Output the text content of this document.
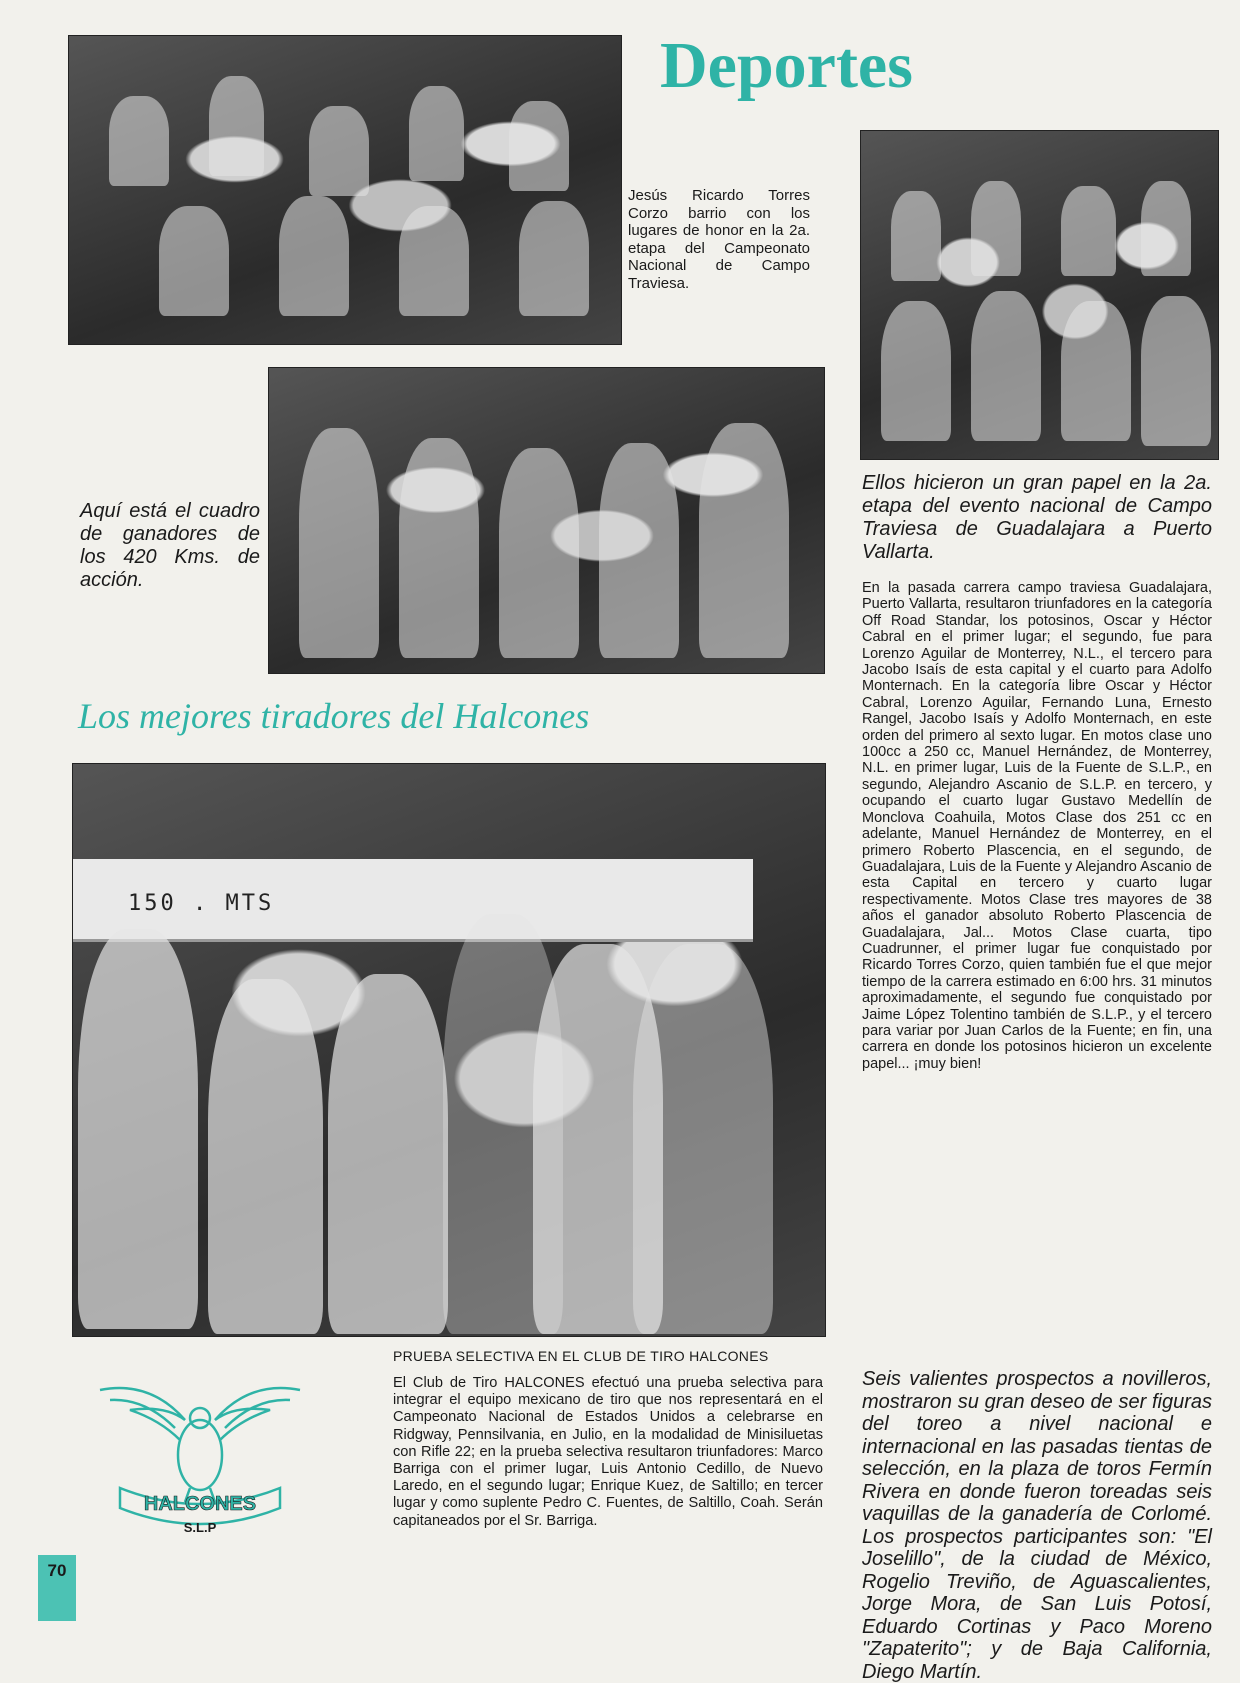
Deportes
Jesús Ricardo Torres Corzo barrio con los lugares de honor en la 2a. etapa del Campeonato Nacional de Campo Traviesa.
Ellos hicieron un gran papel en la 2a. etapa del evento nacional de Campo Traviesa de Guadalajara a Puerto Vallarta.
Aquí está el cuadro de ganadores de los 420 Kms. de acción.	En la pasada carrera campo traviesa Guadalajara, Puerto Vallarta, resultaron triunfadores en la categoría Off Road Standar, los potosinos, Oscar y Héctor Cabral en el primer lugar; el segundo, fue para Lorenzo Aguilar de Monterrey, N.L., el tercero para Jacobo Isaís de esta capital y el cuarto para Adolfo Monternach. En la categoría libre Oscar y Héctor Cabral, Lorenzo Aguilar, Fernando Luna, Ernesto Rangel, Jacobo Isaís y Adolfo Monternach, en este orden del primero al sexto lugar. En motos clase uno 100cc a 250 cc, Manuel Hernández, de Monterrey, N.L. en primer lugar, Luis de la Fuente de S.L.P., en segundo, Alejandro Ascanio de S.L.P. en tercero, y ocupando el cuarto lugar Gustavo Medellín de Monclova Coahuila, Motos Clase dos 251 cc en adelante, Manuel Hernández de Monterrey, en el primero Roberto Plascencia, en el segundo, de Guadalajara, Luis de la Fuente y Alejandro Ascanio de esta Capital en tercero y cuarto lugar respectivamente. Motos Clase tres mayores de 38 años el ganador absoluto Roberto Plascencia de Guadalajara, Jal... Motos Clase cuarta, tipo Cuadrunner, el primer lugar fue conquistado por Ricardo Torres Corzo, quien también fue el que mejor tiempo de la carrera estimado en 6:00 hrs. 31 minutos aproximadamente, el segundo fue conquistado por Jaime López Tolentino también de S.L.P., y el tercero para variar por Juan Carlos de la Fuente; en fin, una carrera en donde los potosinos hicieron un excelente papel... ¡muy bien!
Los mejores tiradores del Halcones
150 . MTS
PRUEBA SELECTIVA EN EL CLUB DE TIRO HALCONES
El Club de Tiro HALCONES efectuó una prueba selectiva para integrar el equipo mexicano de tiro que nos representará en el Campeonato Nacional de Estados Unidos a celebrarse en Ridgway, Pennsilvania, en Julio, en la modalidad de Minisiluetas con Rifle 22; en la prueba selectiva resultaron triunfadores: Marco Barriga con el primer lugar, Luis Antonio Cedillo, de Nuevo Laredo, en el segundo lugar; Enrique Kuez, de Saltillo; en tercer lugar y como suplente Pedro C. Fuentes, de Saltillo, Coah. Serán capitaneados por el Sr. Barriga.
Seis valientes prospectos a novilleros, mostraron su gran deseo de ser figuras del toreo a nivel nacional e internacional en las pasadas tientas de selección, en la plaza de toros Fermín Rivera en donde fueron toreadas seis vaquillas de la ganadería de Corlomé. Los prospectos participantes son: "El Joselillo", de la ciudad de México, Rogelio Treviño, de Aguascalientes, Jorge Mora, de San Luis Potosí, Eduardo Cortinas y Paco Moreno "Zapaterito"; y de Baja California, Diego Martín.
HALCONES
S.L.P
70
